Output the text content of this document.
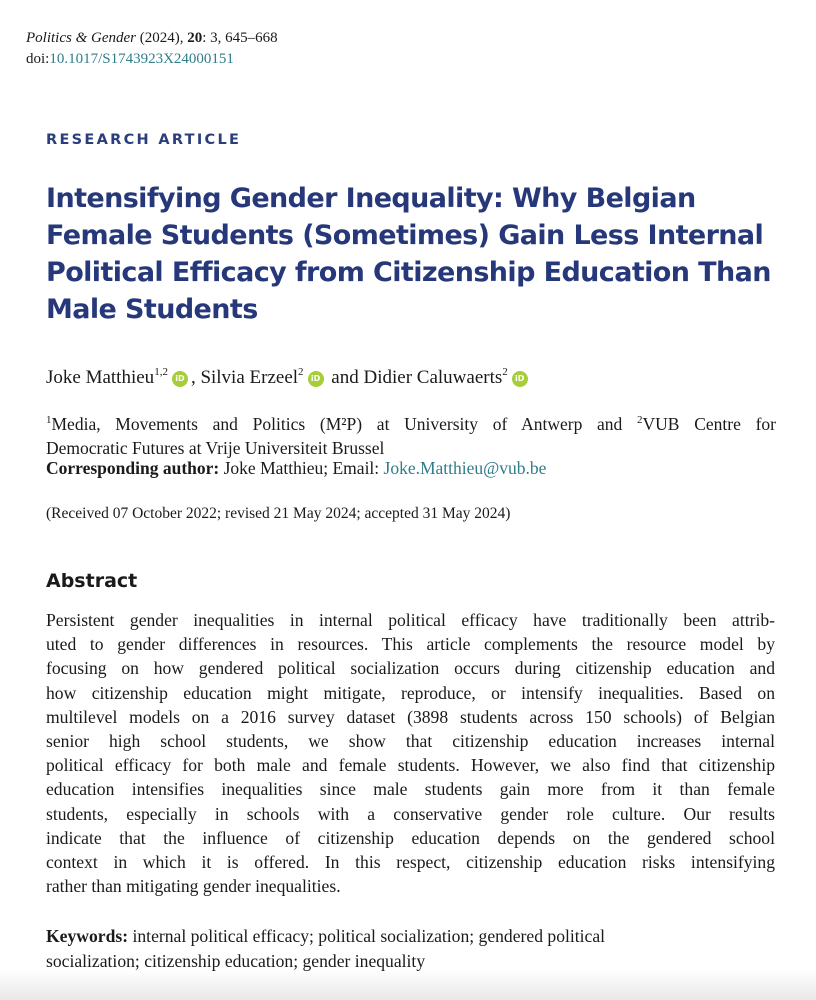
Politics & Gender (2024), 20: 3, 645–668
doi:10.1017/S1743923X24000151
RESEARCH ARTICLE
Intensifying Gender Inequality: Why Belgian
Female Students (Sometimes) Gain Less Internal
Political Efficacy from Citizenship Education Than
Male Students
Joke Matthieu$^{1,2}$iD , Silvia Erzeel$^2$iD and Didier Caluwaerts$^2$iD
$^1$Media, Movements and Politics (M²P) at University of Antwerp and $^2$VUB Centre for
Democratic Futures at Vrije Universiteit Brussel
Corresponding author: Joke Matthieu; Email: Joke.Matthieu@vub.be
(Received 07 October 2022; revised 21 May 2024; accepted 31 May 2024)
Abstract
Persistent gender inequalities in internal political efficacy have traditionally been attrib-
uted to gender differences in resources. This article complements the resource model by
focusing on how gendered political socialization occurs during citizenship education and
how citizenship education might mitigate, reproduce, or intensify inequalities. Based on
multilevel models on a 2016 survey dataset (3898 students across 150 schools) of Belgian
senior high school students, we show that citizenship education increases internal
political efficacy for both male and female students. However, we also find that citizenship
education intensifies inequalities since male students gain more from it than female
students, especially in schools with a conservative gender role culture. Our results
indicate that the influence of citizenship education depends on the gendered school
context in which it is offered. In this respect, citizenship education risks intensifying
rather than mitigating gender inequalities.
Keywords: internal political efficacy; political socialization; gendered political
socialization; citizenship education; gender inequality
